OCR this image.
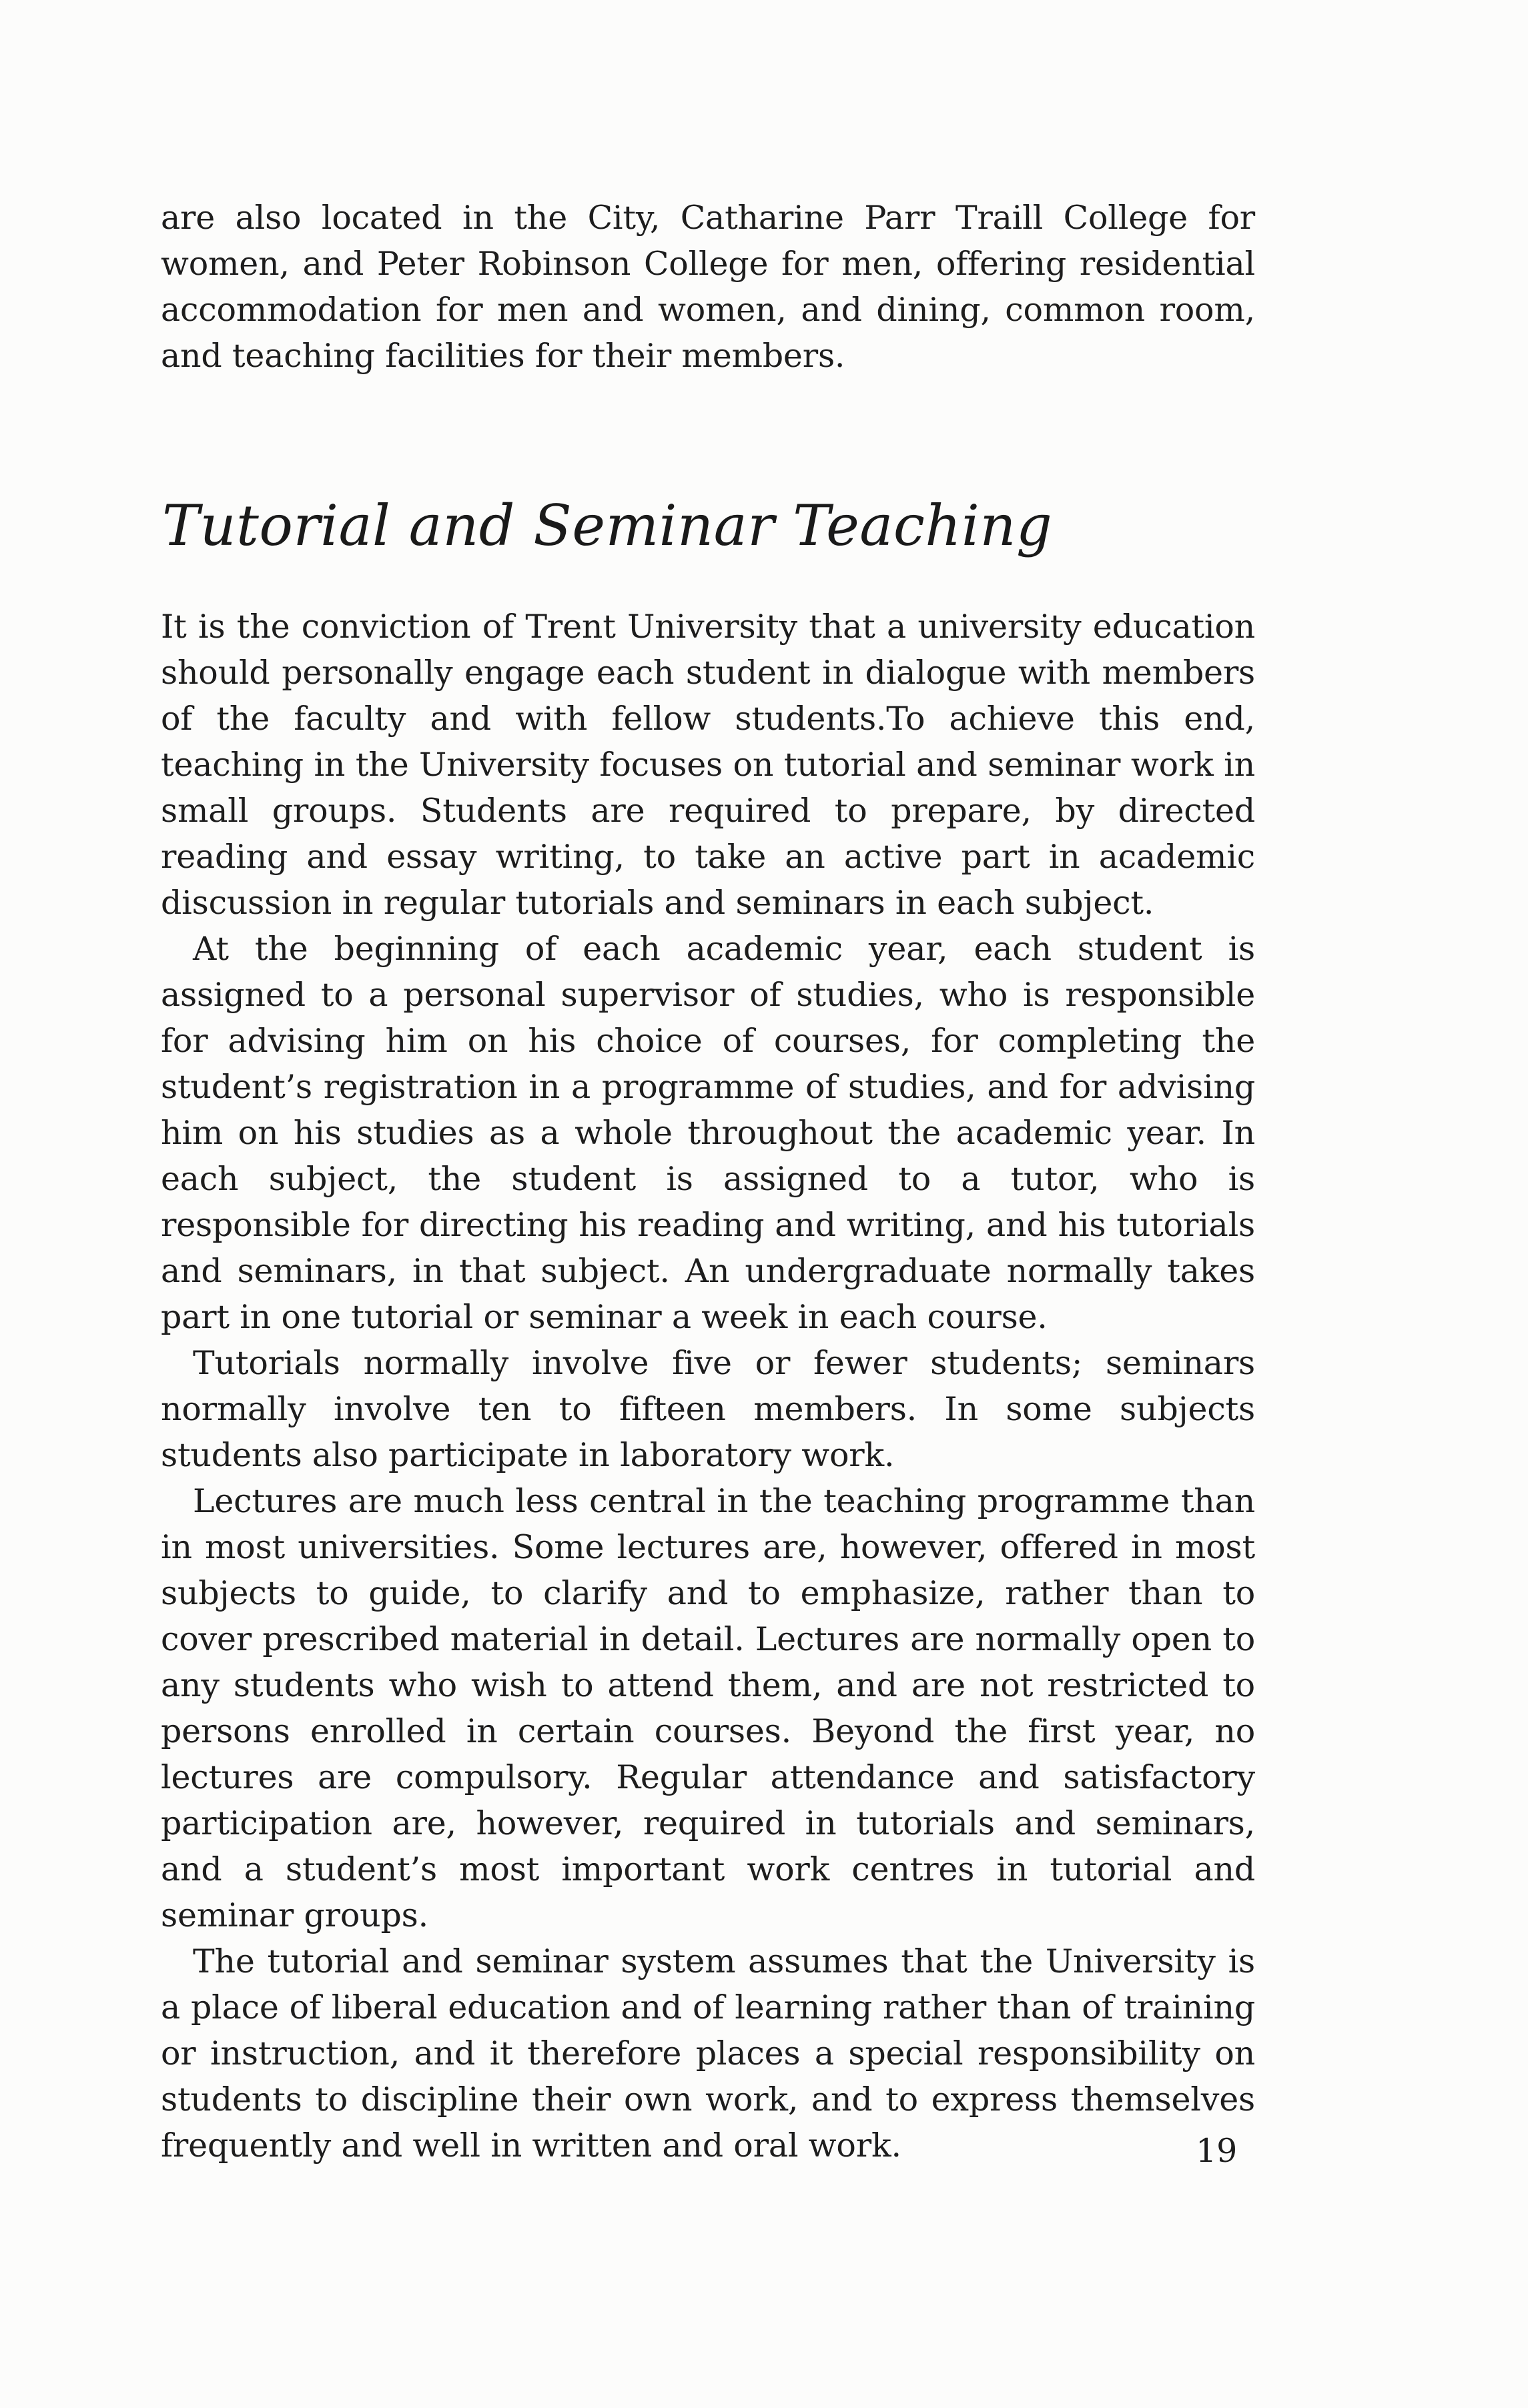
are also located in the City, Catharine Parr Traill College for women, and Peter Robinson College for men, offering residential accommodation for men and women, and dining, common room, and teaching facilities for their members.
Tutorial and Seminar Teaching

It is the conviction of Trent University that a university education should personally engage each student in dialogue with members of the faculty and with fellow students.To achieve this end, teaching in the University focuses on tutorial and seminar work in small groups. Students are required to prepare, by directed reading and essay writing, to take an active part in academic discussion in regular tutorials and seminars in each subject.

At the beginning of each academic year, each student is assigned to a personal supervisor of studies, who is responsible for advising him on his choice of courses, for completing the student’s registration in a programme of studies, and for advising him on his studies as a whole throughout the academic year. In each subject, the student is assigned to a tutor, who is responsible for directing his reading and writing, and his tutorials and seminars, in that subject. An undergraduate normally takes part in one tutorial or seminar a week in each course.

Tutorials normally involve five or fewer students; seminars normally involve ten to fifteen members. In some subjects students also participate in laboratory work.

Lectures are much less central in the teaching programme than in most universities. Some lectures are, however, offered in most subjects to guide, to clarify and to emphasize, rather than to cover prescribed material in detail. Lectures are normally open to any students who wish to attend them, and are not restricted to persons enrolled in certain courses. Beyond the first year, no lectures are compulsory. Regular attendance and satisfactory participation are, however, required in tutorials and seminars, and a student’s most important work centres in tutorial and seminar groups.

The tutorial and seminar system assumes that the University is a place of liberal education and of learning rather than of training or instruction, and it therefore places a special responsibility on students to discipline their own work, and to express themselves frequently and well in written and oral work.	19
